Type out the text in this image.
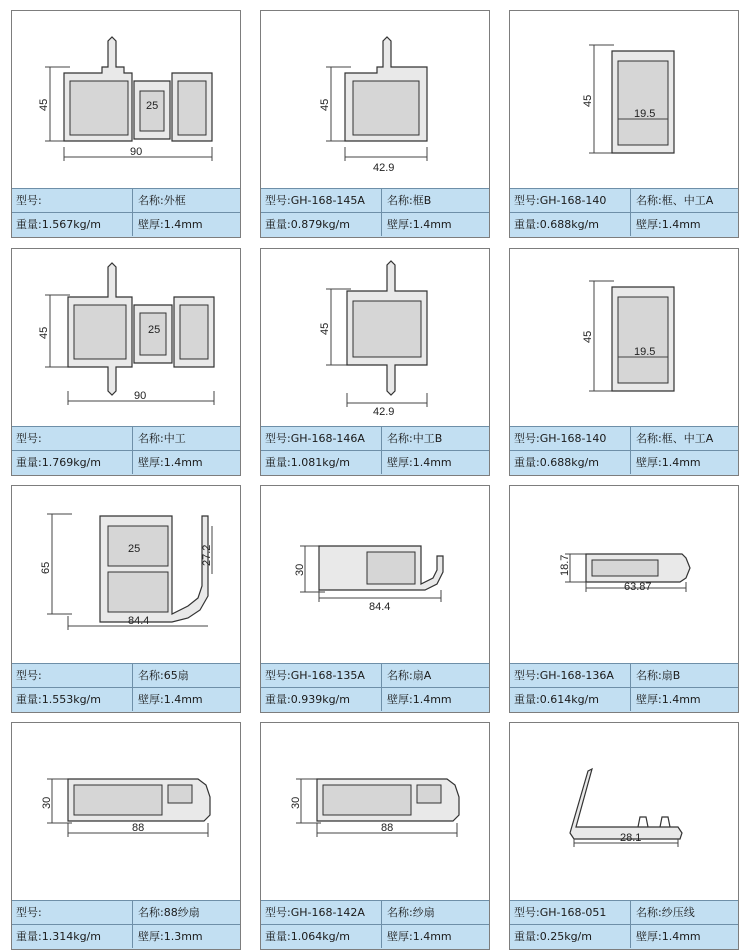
45	25
90
型号:	名称:外框
重量:1.567kg/m	壁厚:1.4mm
45
42.9
型号:GH-168-145A	名称:框B
重量:0.879kg/m	壁厚:1.4mm
45
19.5
型号:GH-168-140	名称:框、中工A
重量:0.688kg/m	壁厚:1.4mm
45	25
90
型号:	名称:中工
重量:1.769kg/m	壁厚:1.4mm
45
42.9
型号:GH-168-146A	名称:中工B
重量:1.081kg/m	壁厚:1.4mm
45
19.5
型号:GH-168-140	名称:框、中工A
重量:0.688kg/m	壁厚:1.4mm
65
25	27.2
84.4
型号:	名称:65扇
重量:1.553kg/m	壁厚:1.4mm
30
84.4
型号:GH-168-135A	名称:扇A
重量:0.939kg/m	壁厚:1.4mm
18.7
63.87
型号:GH-168-136A	名称:扇B
重量:0.614kg/m	壁厚:1.4mm
30
88
型号:	名称:88纱扇
重量:1.314kg/m	壁厚:1.3mm
30
88
型号:GH-168-142A	名称:纱扇
重量:1.064kg/m	壁厚:1.4mm
28.1
型号:GH-168-051	名称:纱压线
重量:0.25kg/m	壁厚:1.4mm
